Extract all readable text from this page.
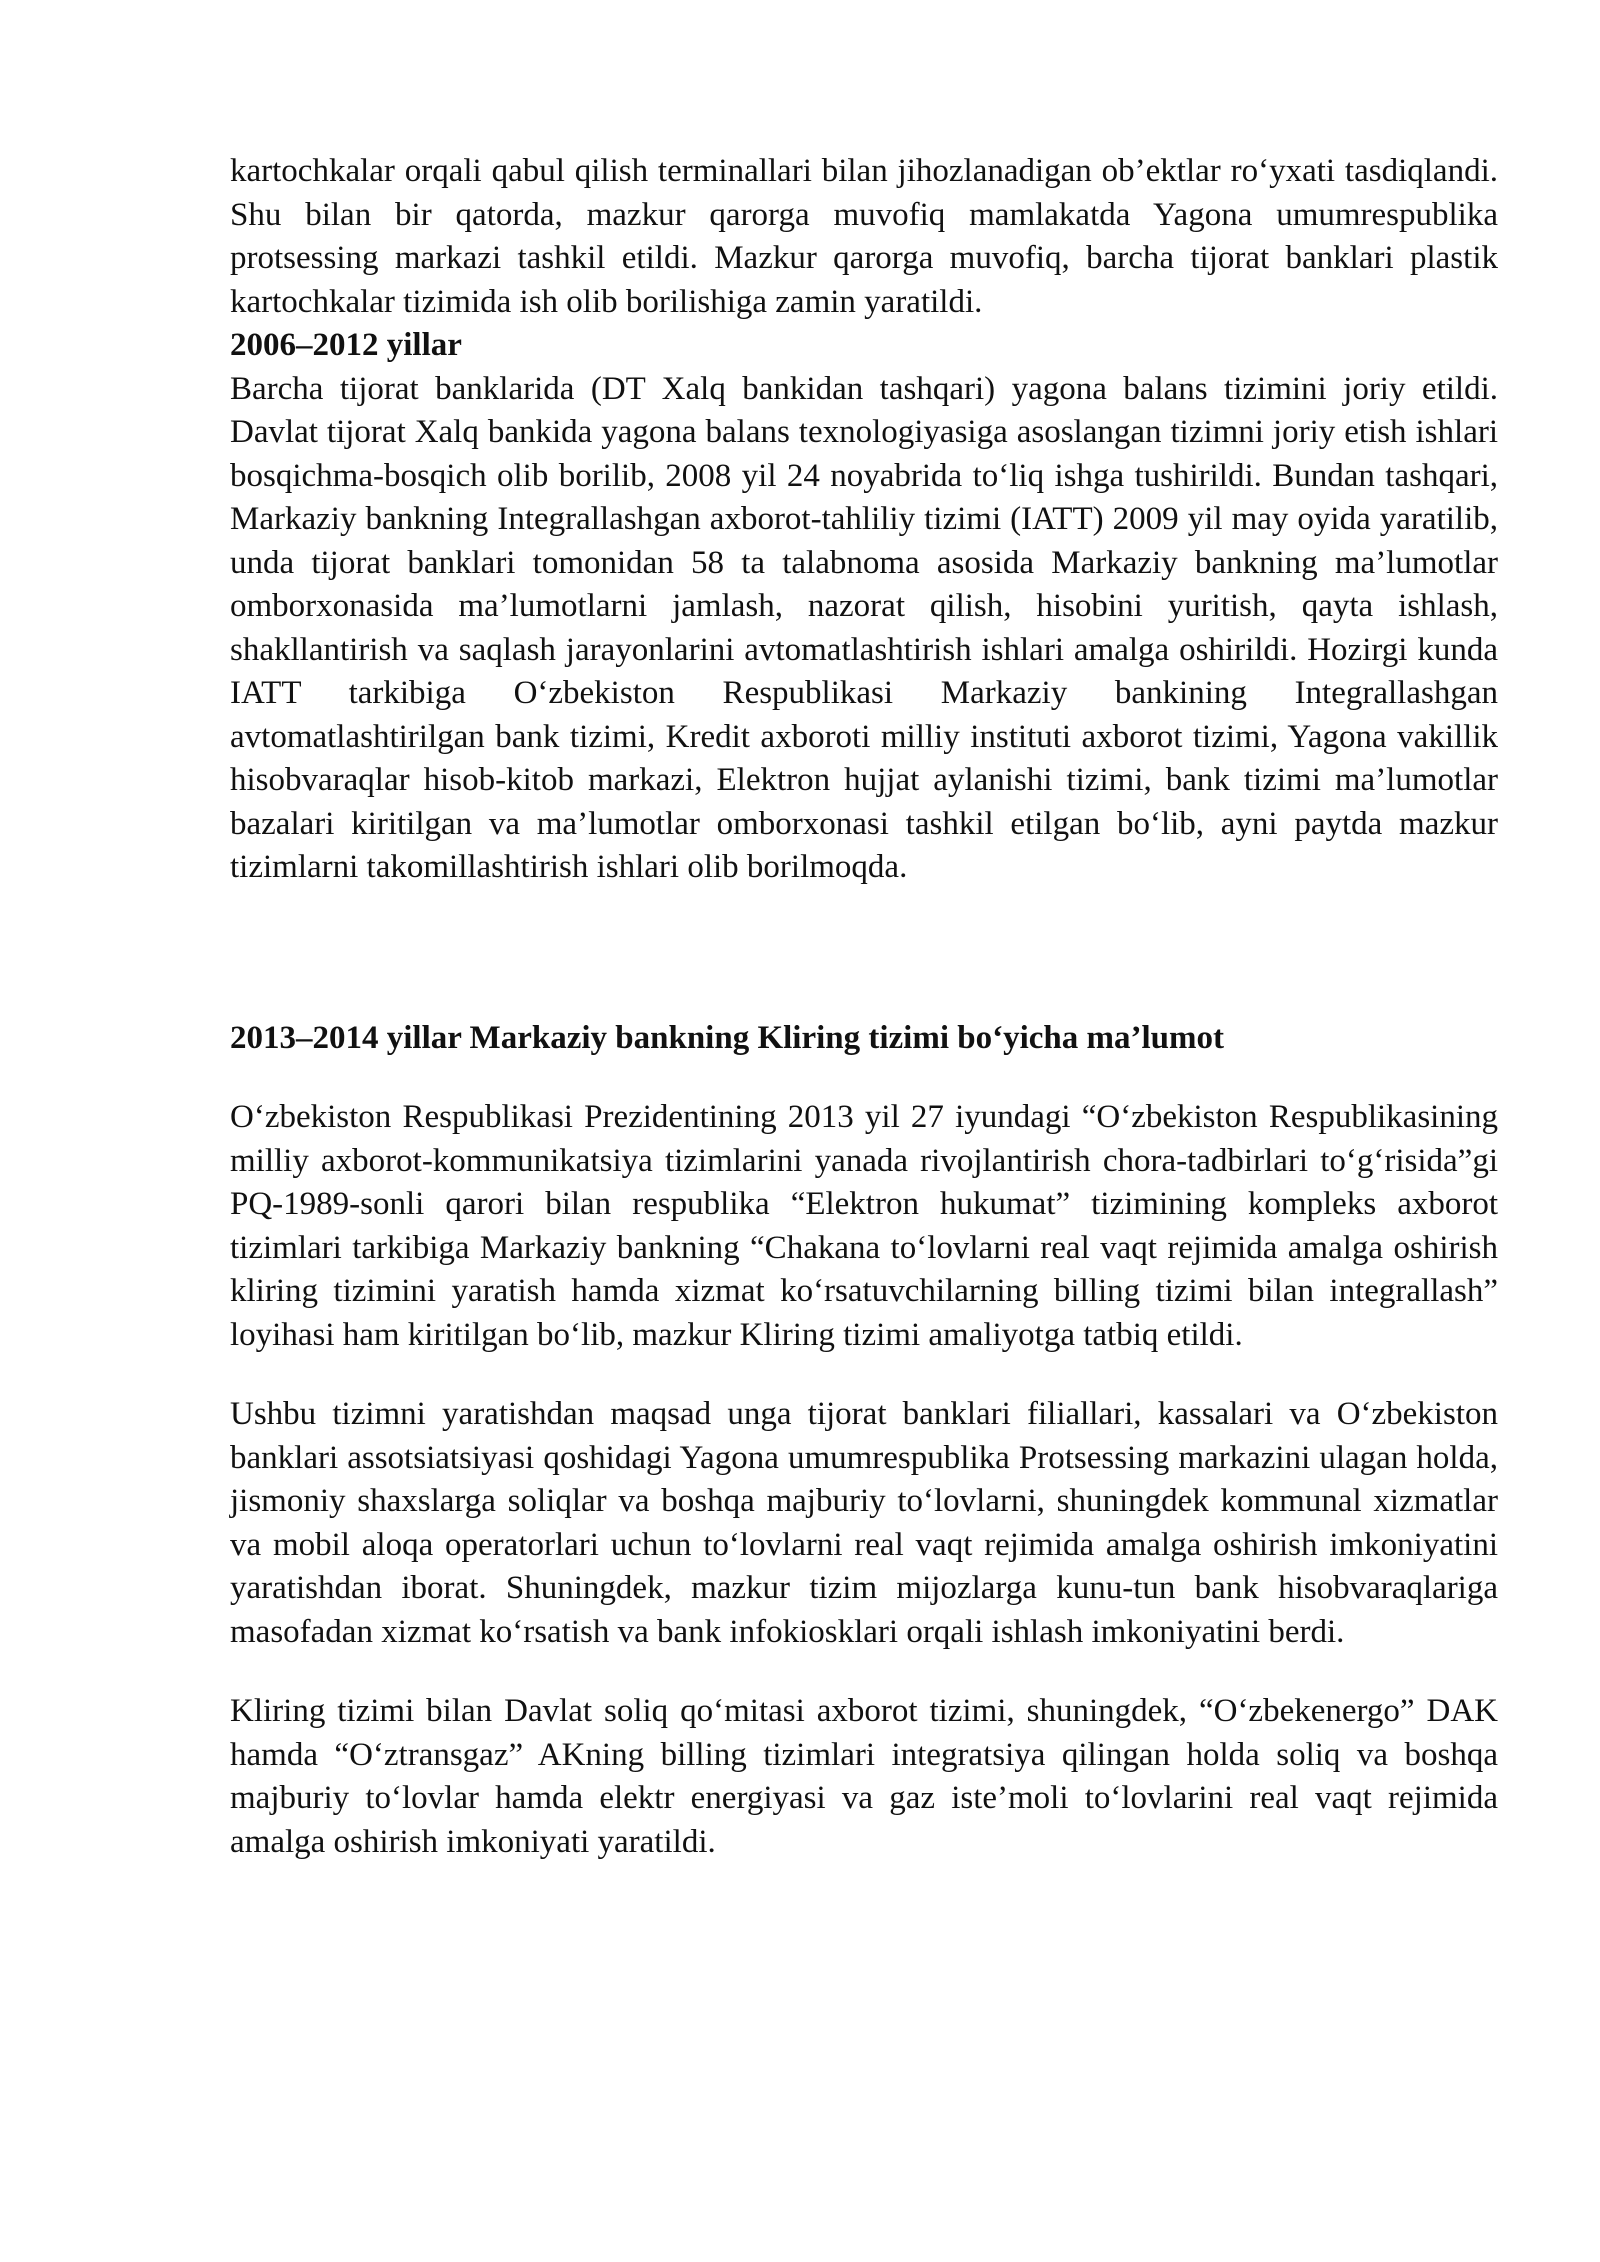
kartochkalar orqali qabul qilish terminallari bilan jihozlanadigan ob’ektlar ro‘yxati tasdiqlandi. Shu bilan bir qatorda, mazkur qarorga muvofiq mamlakatda Yagona umumrespublika protsessing markazi tashkil etildi. Mazkur qarorga muvofiq, barcha tijorat banklari plastik kartochkalar tizimida ish olib borilishiga zamin yaratildi.

2006–2012 yillar

Barcha tijorat banklarida (DT Xalq bankidan tashqari) yagona balans tizimini joriy etildi. Davlat tijorat Xalq bankida yagona balans texnologiyasiga asoslangan tizimni joriy etish ishlari bosqichma-bosqich olib borilib, 2008 yil 24 noyabrida to‘liq ishga tushirildi. Bundan tashqari, Markaziy bankning Integrallashgan axborot-tahliliy tizimi (IATT) 2009 yil may oyida yaratilib, unda tijorat banklari tomonidan 58 ta talabnoma asosida Markaziy bankning ma’lumotlar omborxonasida ma’lumotlarni jamlash, nazorat qilish, hisobini yuritish, qayta ishlash, shakllantirish va saqlash jarayonlarini avtomatlashtirish ishlari amalga oshirildi. Hozirgi kunda IATT tarkibiga O‘zbekiston Respublikasi Markaziy bankining Integrallashgan avtomatlashtirilgan bank tizimi, Kredit axboroti milliy instituti axborot tizimi, Yagona vakillik hisobvaraqlar hisob-kitob markazi, Elektron hujjat aylanishi tizimi, bank tizimi ma’lumotlar bazalari kiritilgan va ma’lumotlar omborxonasi tashkil etilgan bo‘lib, ayni paytda mazkur tizimlarni takomillashtirish ishlari olib borilmoqda.

2013–2014 yillar Markaziy bankning Kliring tizimi bo‘yicha ma’lumot

O‘zbekiston Respublikasi Prezidentining 2013 yil 27 iyundagi “O‘zbekiston Respublikasining milliy axborot-kommunikatsiya tizimlarini yanada rivojlantirish chora-tadbirlari to‘g‘risida”gi PQ-1989-sonli qarori bilan respublika “Elektron hukumat” tizimining kompleks axborot tizimlari tarkibiga Markaziy bankning “Chakana to‘lovlarni real vaqt rejimida amalga oshirish kliring tizimini yaratish hamda xizmat ko‘rsatuvchilarning billing tizimi bilan integrallash” loyihasi ham kiritilgan bo‘lib, mazkur Kliring tizimi amaliyotga tatbiq etildi.

Ushbu tizimni yaratishdan maqsad unga tijorat banklari filiallari, kassalari va O‘zbekiston banklari assotsiatsiyasi qoshidagi Yagona umumrespublika Protsessing markazini ulagan holda, jismoniy shaxslarga soliqlar va boshqa majburiy to‘lovlarni, shuningdek kommunal xizmatlar va mobil aloqa operatorlari uchun to‘lovlarni real vaqt rejimida amalga oshirish imkoniyatini yaratishdan iborat. Shuningdek, mazkur tizim mijozlarga kunu-tun bank hisobvaraqlariga masofadan xizmat ko‘rsatish va bank infokiosklari orqali ishlash imkoniyatini berdi.

Kliring tizimi bilan Davlat soliq qo‘mitasi axborot tizimi, shuningdek, “O‘zbekenergo” DAK hamda “O‘ztransgaz” AKning billing tizimlari integratsiya qilingan holda soliq va boshqa majburiy to‘lovlar hamda elektr energiyasi va gaz iste’moli to‘lovlarini real vaqt rejimida amalga oshirish imkoniyati yaratildi.
